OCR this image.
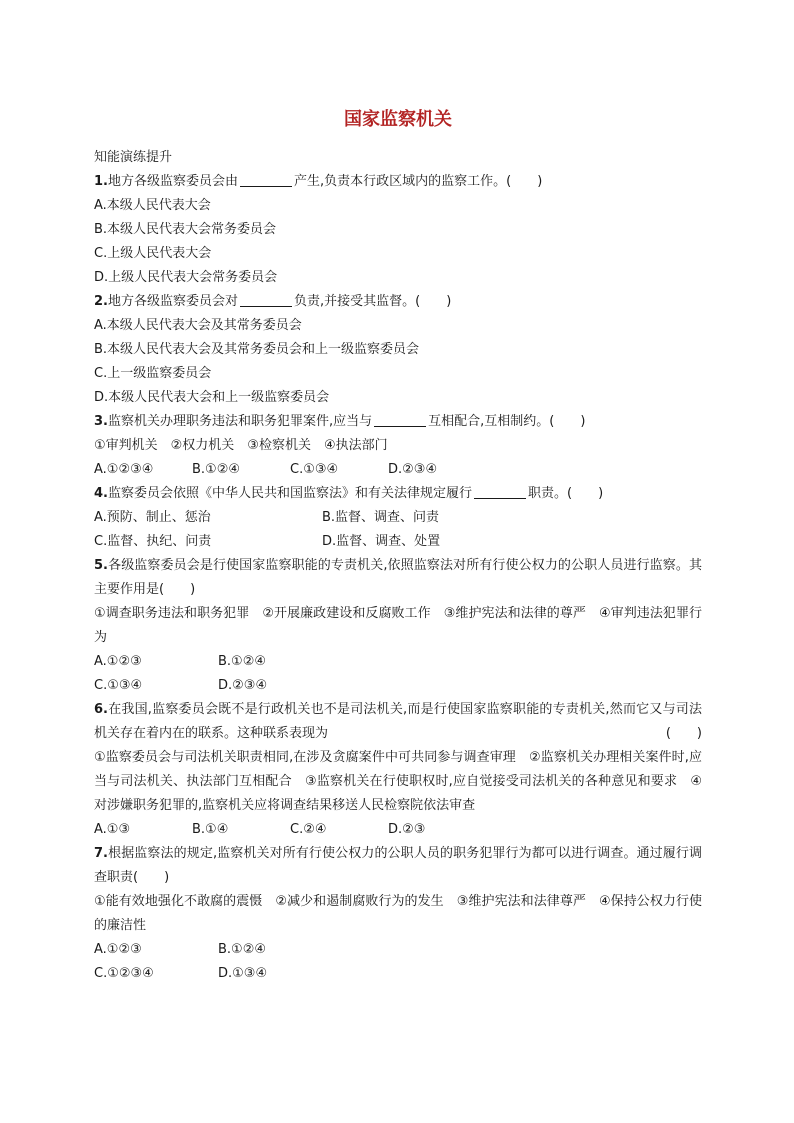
国家监察机关

知能演练提升

1.地方各级监察委员会由	产生,负责本行政区域内的监察工作。(　　)

A.本级人民代表大会

B.本级人民代表大会常务委员会

C.上级人民代表大会

D.上级人民代表大会常务委员会

2.地方各级监察委员会对	负责,并接受其监督。(　　)

A.本级人民代表大会及其常务委员会

B.本级人民代表大会及其常务委员会和上一级监察委员会

C.上一级监察委员会

D.本级人民代表大会和上一级监察委员会

3.监察机关办理职务违法和职务犯罪案件,应当与	互相配合,互相制约。(　　)

①审判机关　②权力机关　③检察机关　④执法部门

A.①②③④	B.①②④	C.①③④	D.②③④

4.监察委员会依照《中华人民共和国监察法》和有关法律规定履行	职责。(　　)

A.预防、制止、惩治	B.监督、调查、问责
C.监督、执纪、问责	D.监督、调查、处置

5.各级监察委员会是行使国家监察职能的专责机关,依照监察法对所有行使公权力的公职人员进行监察。其主要作用是(　　)

①调查职务违法和职务犯罪　②开展廉政建设和反腐败工作　③维护宪法和法律的尊严　④审判违法犯罪行为

A.①②③	B.①②④
C.①③④	D.②③④

6.在我国,监察委员会既不是行政机关也不是司法机关,而是行使国家监察职能的专责机关,然而它又与司法机关存在着内在的联系。这种联系表现为	(　　)

①监察委员会与司法机关职责相同,在涉及贪腐案件中可共同参与调查审理　②监察机关办理相关案件时,应当与司法机关、执法部门互相配合　③监察机关在行使职权时,应自觉接受司法机关的各种意见和要求　④对涉嫌职务犯罪的,监察机关应将调查结果移送人民检察院依法审查

A.①③	B.①④	C.②④	D.②③

7.根据监察法的规定,监察机关对所有行使公权力的公职人员的职务犯罪行为都可以进行调查。通过履行调查职责(　　)

①能有效地强化不敢腐的震慑　②减少和遏制腐败行为的发生　③维护宪法和法律尊严　④保持公权力行使的廉洁性

A.①②③	B.①②④
C.①②③④	D.①③④
